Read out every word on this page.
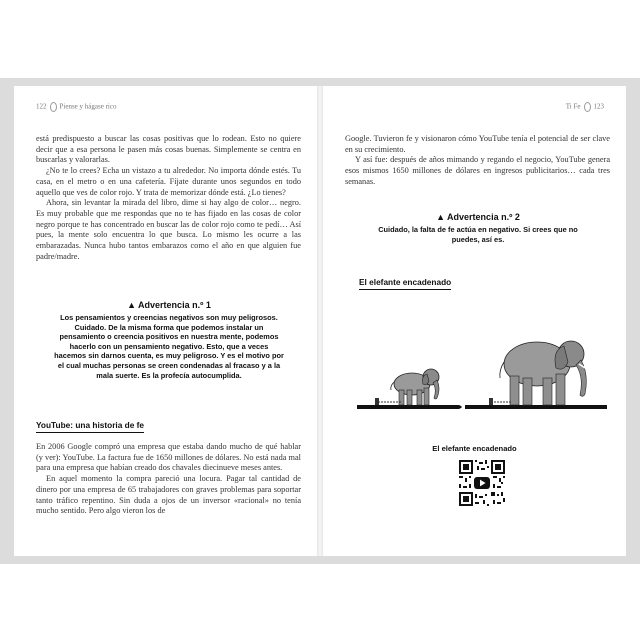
122 Piense y hágase rico

está predispuesto a buscar las cosas positivas que lo rodean. Esto no quiere decir que a esa persona le pasen más cosas buenas. Simplemente se centra en buscarlas y valorarlas.

¿No te lo crees? Echa un vistazo a tu alrededor. No importa dónde estés. Tu casa, en el metro o en una cafetería. Fíjate durante unos segundos en todo aquello que ves de color rojo. Y trata de memorizar dónde está. ¿Lo tienes?

Ahora, sin levantar la mirada del libro, dime si hay algo de color… negro. Es muy probable que me respondas que no te has fijado en las cosas de color negro porque te has concentrado en buscar las de color rojo como te pedí… Así pues, la mente solo encuentra lo que busca. Lo mismo les ocurre a las embarazadas. Nunca hubo tantos embarazos como el año en que alguien fue padre/madre.

▲ Advertencia n.º 1
Los pensamientos y creencias negativos son muy peligrosos. Cuidado. De la misma forma que podemos instalar un pensamiento o creencia positivos en nuestra mente, podemos hacerlo con un pensamiento negativo. Esto, que a veces hacemos sin darnos cuenta, es muy peligroso. Y es el motivo por el cual muchas personas se creen condenadas al fracaso y a la mala suerte. Es la profecía autocumplida.
YouTube: una historia de fe

En 2006 Google compró una empresa que estaba dando mucho de qué hablar (y ver): YouTube. La factura fue de 1650 millones de dólares. No está nada mal para una empresa que habían creado dos chavales diecinueve meses antes.

En aquel momento la compra pareció una locura. Pagar tal cantidad de dinero por una empresa de 65 trabajadores con graves problemas para soportar tanto tráfico repentino. Sin duda a ojos de un inversor «racional» no tenía mucho sentido. Pero algo vieron los de

Ti Fe 123

Google. Tuvieron fe y visionaron cómo YouTube tenía el potencial de ser clave en su crecimiento.

Y así fue: después de años mimando y regando el negocio, YouTube genera esos mismos 1650 millones de dólares en ingresos publicitarios… cada tres semanas.

▲ Advertencia n.º 2
Cuidado, la falta de fe actúa en negativo. Si crees que no puedes, así es.
El elefante encadenado
El elefante encadenado
